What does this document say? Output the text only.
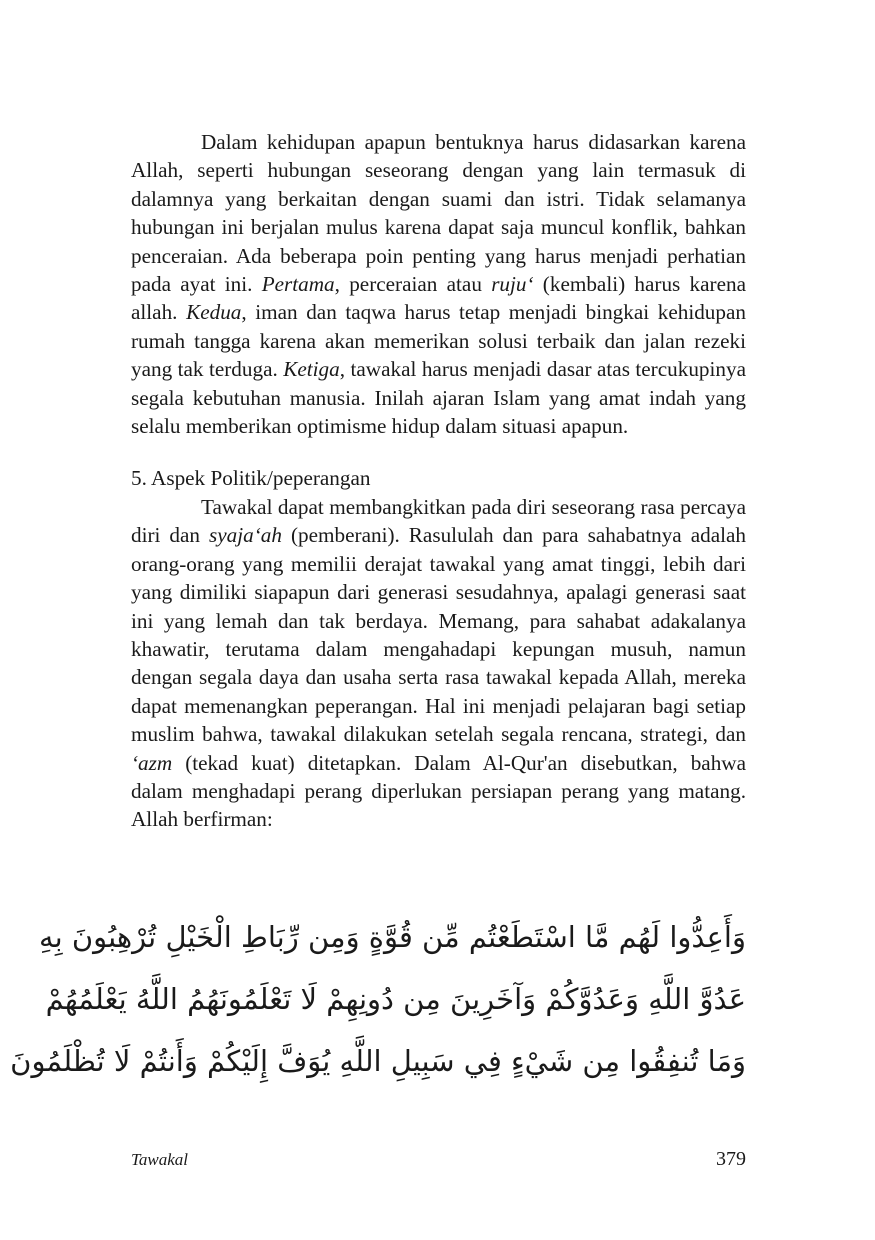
Dalam kehidupan apapun bentuknya harus didasarkan karena Allah, seperti hubungan seseorang dengan yang lain termasuk di dalamnya yang berkaitan dengan suami dan istri. Tidak selamanya hubungan ini berjalan mulus karena dapat saja muncul konflik, bahkan penceraian. Ada beberapa poin penting yang harus menjadi perhatian pada ayat ini. Pertama, perceraian atau ruju‘ (kembali) harus karena allah. Kedua, iman dan taqwa harus tetap menjadi bingkai kehidupan rumah tangga karena akan memerikan solusi terbaik dan jalan rezeki yang tak terduga. Ketiga, tawakal harus menjadi dasar atas tercukupinya segala kebutuhan manusia. Inilah ajaran Islam yang amat indah yang selalu memberikan optimisme hidup dalam situasi apapun.

5. Aspek Politik/peperangan

Tawakal dapat membangkitkan pada diri seseorang rasa percaya diri dan syaja‘ah (pemberani). Rasululah dan para sahabatnya adalah orang-orang yang memilii derajat tawakal yang amat tinggi, lebih dari yang dimiliki siapapun dari generasi sesudahnya, apalagi generasi saat ini yang lemah dan tak berdaya. Memang, para sahabat adakalanya khawatir, terutama dalam mengahadapi kepungan musuh, namun dengan segala daya dan usaha serta rasa tawakal kepada Allah, mereka dapat memenangkan peperangan. Hal ini menjadi pelajaran bagi setiap muslim bahwa, tawakal dilakukan setelah segala rencana, strategi, dan ‘azm (tekad kuat) ditetapkan. Dalam Al-Qur'an disebutkan, bahwa dalam menghadapi perang diperlukan persiapan perang yang matang. Allah berfirman:

وَأَعِدُّوا لَهُم مَّا اسْتَطَعْتُم مِّن قُوَّةٍ وَمِن رِّبَاطِ الْخَيْلِ تُرْهِبُونَ بِهِ
عَدُوَّ اللَّهِ وَعَدُوَّكُمْ وَآخَرِينَ مِن دُونِهِمْ لَا تَعْلَمُونَهُمُ اللَّهُ يَعْلَمُهُمْ
وَمَا تُنفِقُوا مِن شَيْءٍ فِي سَبِيلِ اللَّهِ يُوَفَّ إِلَيْكُمْ وَأَنتُمْ لَا تُظْلَمُونَ

Tawakal	379
